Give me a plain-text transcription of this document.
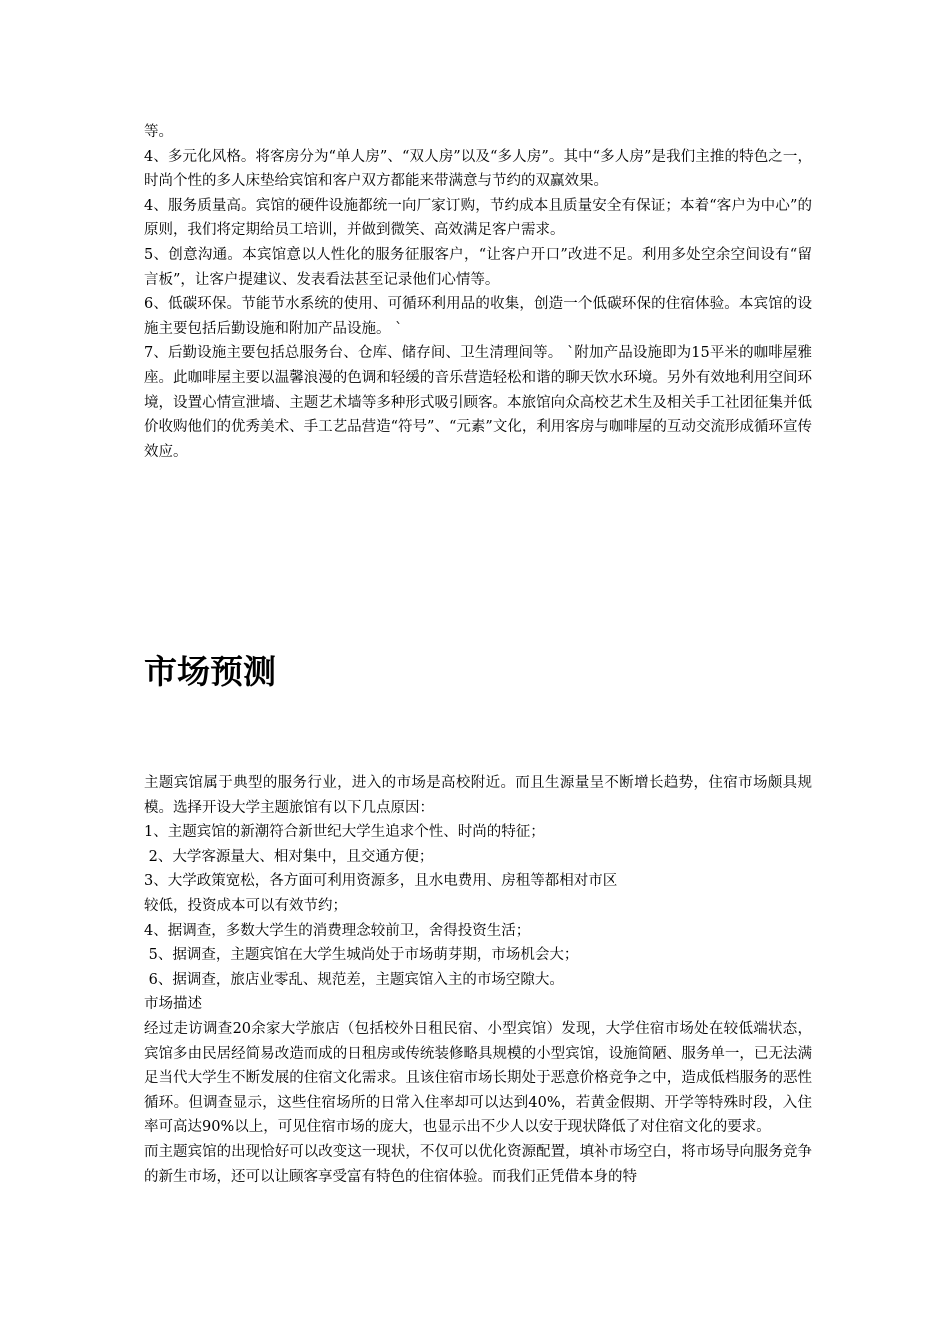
等。

4、多元化风格。将客房分为“单人房”、“双人房”以及“多人房”。其中“多人房”是我们主推的特色之一，时尚个性的多人床垫给宾馆和客户双方都能来带满意与节约的双赢效果。

4、服务质量高。宾馆的硬件设施都统一向厂家订购，节约成本且质量安全有保证；本着“客户为中心”的原则，我们将定期给员工培训，并做到微笑、高效满足客户需求。

5、创意沟通。本宾馆意以人性化的服务征服客户，“让客户开口”改进不足。利用多处空余空间设有“留言板”，让客户提建议、发表看法甚至记录他们心情等。

6、低碳环保。节能节水系统的使用、可循环利用品的收集，创造一个低碳环保的住宿体验。本宾馆的设施主要包括后勤设施和附加产品设施。 `

7、后勤设施主要包括总服务台、仓库、储存间、卫生清理间等。 `附加产品设施即为15平米的咖啡屋雅座。此咖啡屋主要以温馨浪漫的色调和轻缓的音乐营造轻松和谐的聊天饮水环境。另外有效地利用空间环境，设置心情宣泄墙、主题艺术墙等多种形式吸引顾客。本旅馆向众高校艺术生及相关手工社团征集并低价收购他们的优秀美术、手工艺品营造“符号”、“元素”文化，利用客房与咖啡屋的互动交流形成循环宣传效应。

市场预测

主题宾馆属于典型的服务行业，进入的市场是高校附近。而且生源量呈不断增长趋势，住宿市场颇具规模。选择开设大学主题旅馆有以下几点原因：

1、主题宾馆的新潮符合新世纪大学生追求个性、时尚的特征；

2、大学客源量大、相对集中，且交通方便；

3、大学政策宽松，各方面可利用资源多，且水电费用、房租等都相对市区

较低，投资成本可以有效节约；

4、据调查，多数大学生的消费理念较前卫，舍得投资生活；

5、据调查，主题宾馆在大学生城尚处于市场萌芽期，市场机会大；

6、据调查，旅店业零乱、规范差，主题宾馆入主的市场空隙大。

市场描述

经过走访调查20余家大学旅店（包括校外日租民宿、小型宾馆）发现，大学住宿市场处在较低端状态，宾馆多由民居经简易改造而成的日租房或传统装修略具规模的小型宾馆，设施简陋、服务单一，已无法满足当代大学生不断发展的住宿文化需求。且该住宿市场长期处于恶意价格竞争之中，造成低档服务的恶性循环。但调查显示，这些住宿场所的日常入住率却可以达到40%，若黄金假期、开学等特殊时段，入住率可高达90%以上，可见住宿市场的庞大，也显示出不少人以安于现状降低了对住宿文化的要求。

而主题宾馆的出现恰好可以改变这一现状，不仅可以优化资源配置，填补市场空白，将市场导向服务竞争的新生市场，还可以让顾客享受富有特色的住宿体验。而我们正凭借本身的特
